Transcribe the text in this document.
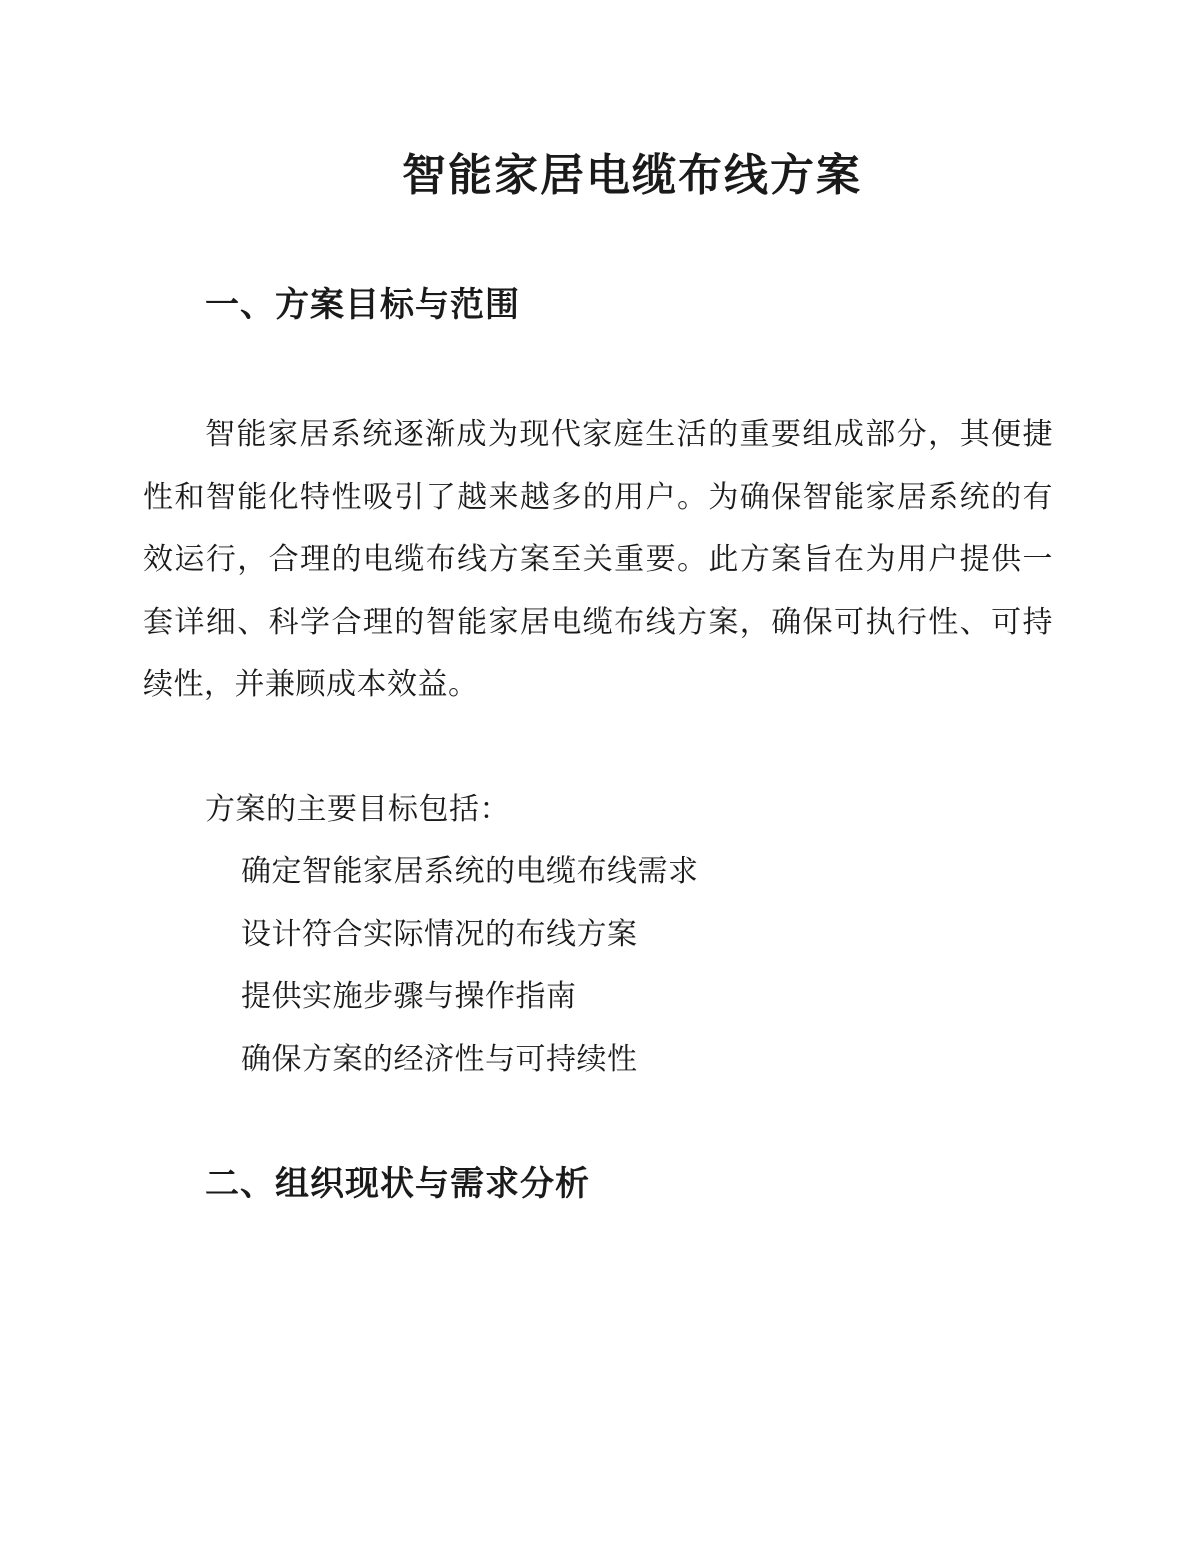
智能家居电缆布线方案
一、方案目标与范围

智能家居系统逐渐成为现代家庭生活的重要组成部分，其便捷性和智能化特性吸引了越来越多的用户。为确保智能家居系统的有效运行，合理的电缆布线方案至关重要。此方案旨在为用户提供一套详细、科学合理的智能家居电缆布线方案，确保可执行性、可持续性，并兼顾成本效益。

方案的主要目标包括：

确定智能家居系统的电缆布线需求
设计符合实际情况的布线方案
提供实施步骤与操作指南
确保方案的经济性与可持续性
二、组织现状与需求分析
